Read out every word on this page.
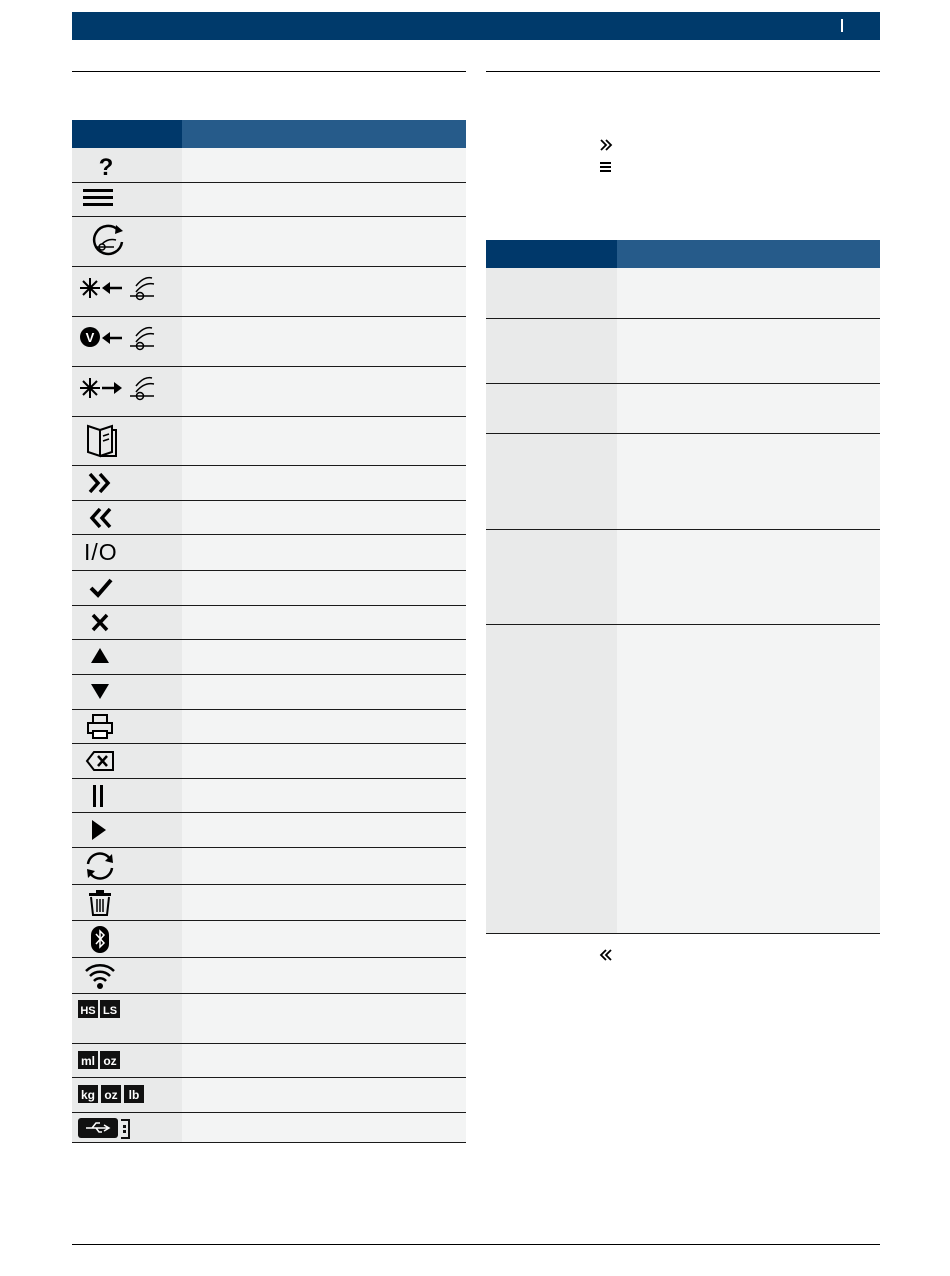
?
V
I/O
HS LS
ml oz
kg oz lb
